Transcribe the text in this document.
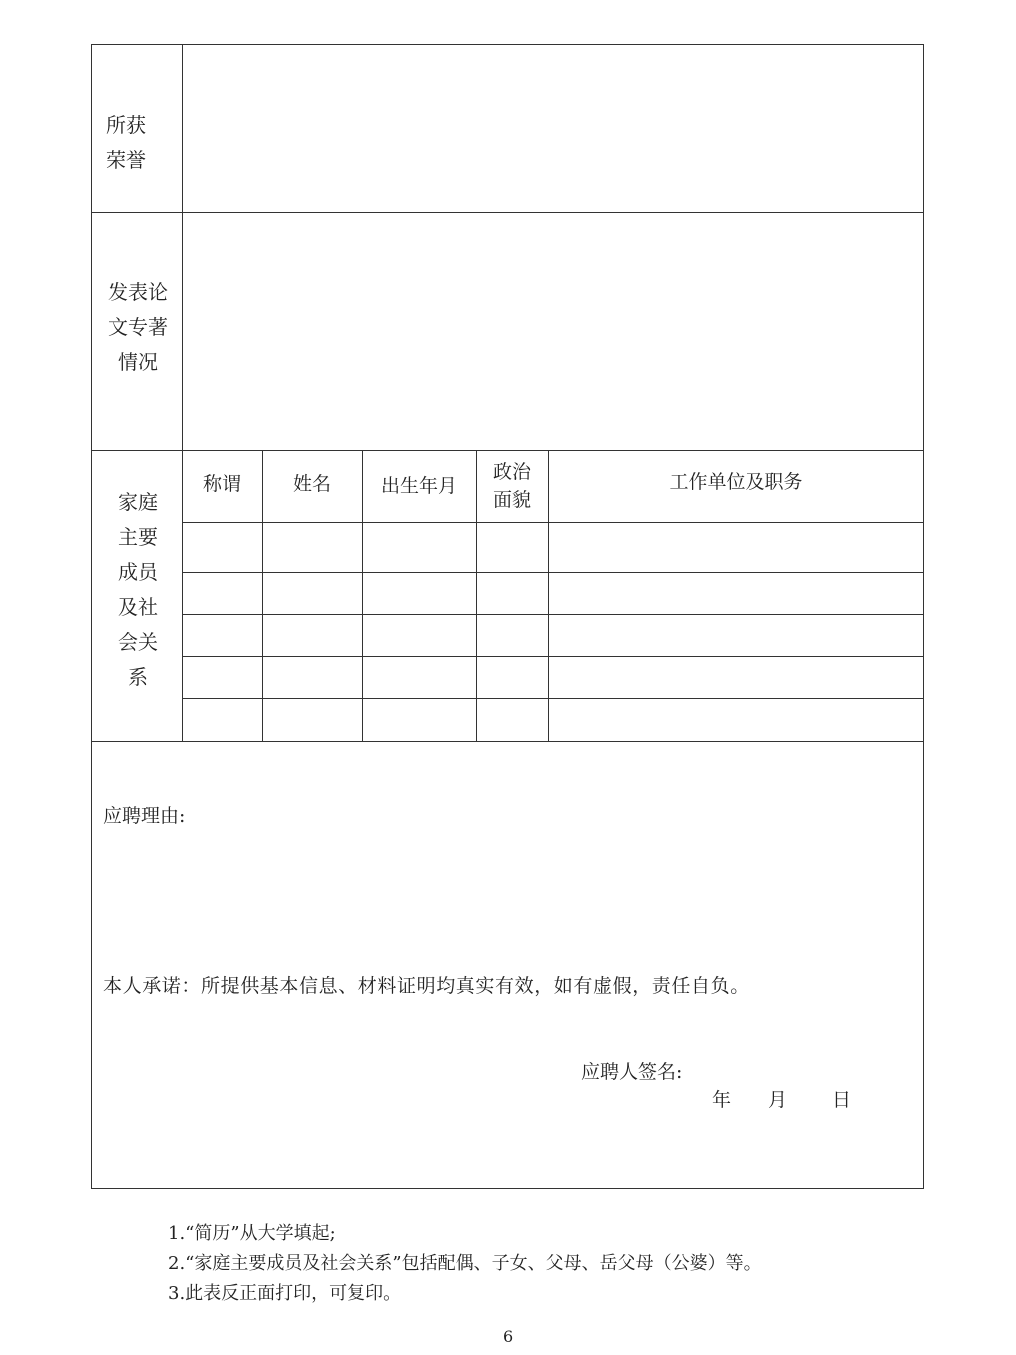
所获
荣誉
发表论
文专著
情况
家庭
主要
成员
及社
会关
系
称谓	姓名	出生年月
政治
面貌
工作单位及职务
应聘理由:
本人承诺：所提供基本信息、材料证明均真实有效，如有虚假，责任自负。
应聘人签名:
年 月 日
1.“简历”从大学填起;
2.“家庭主要成员及社会关系”包括配偶、子女、父母、岳父母（公婆）等。
3.此表反正面打印，可复印。
6
